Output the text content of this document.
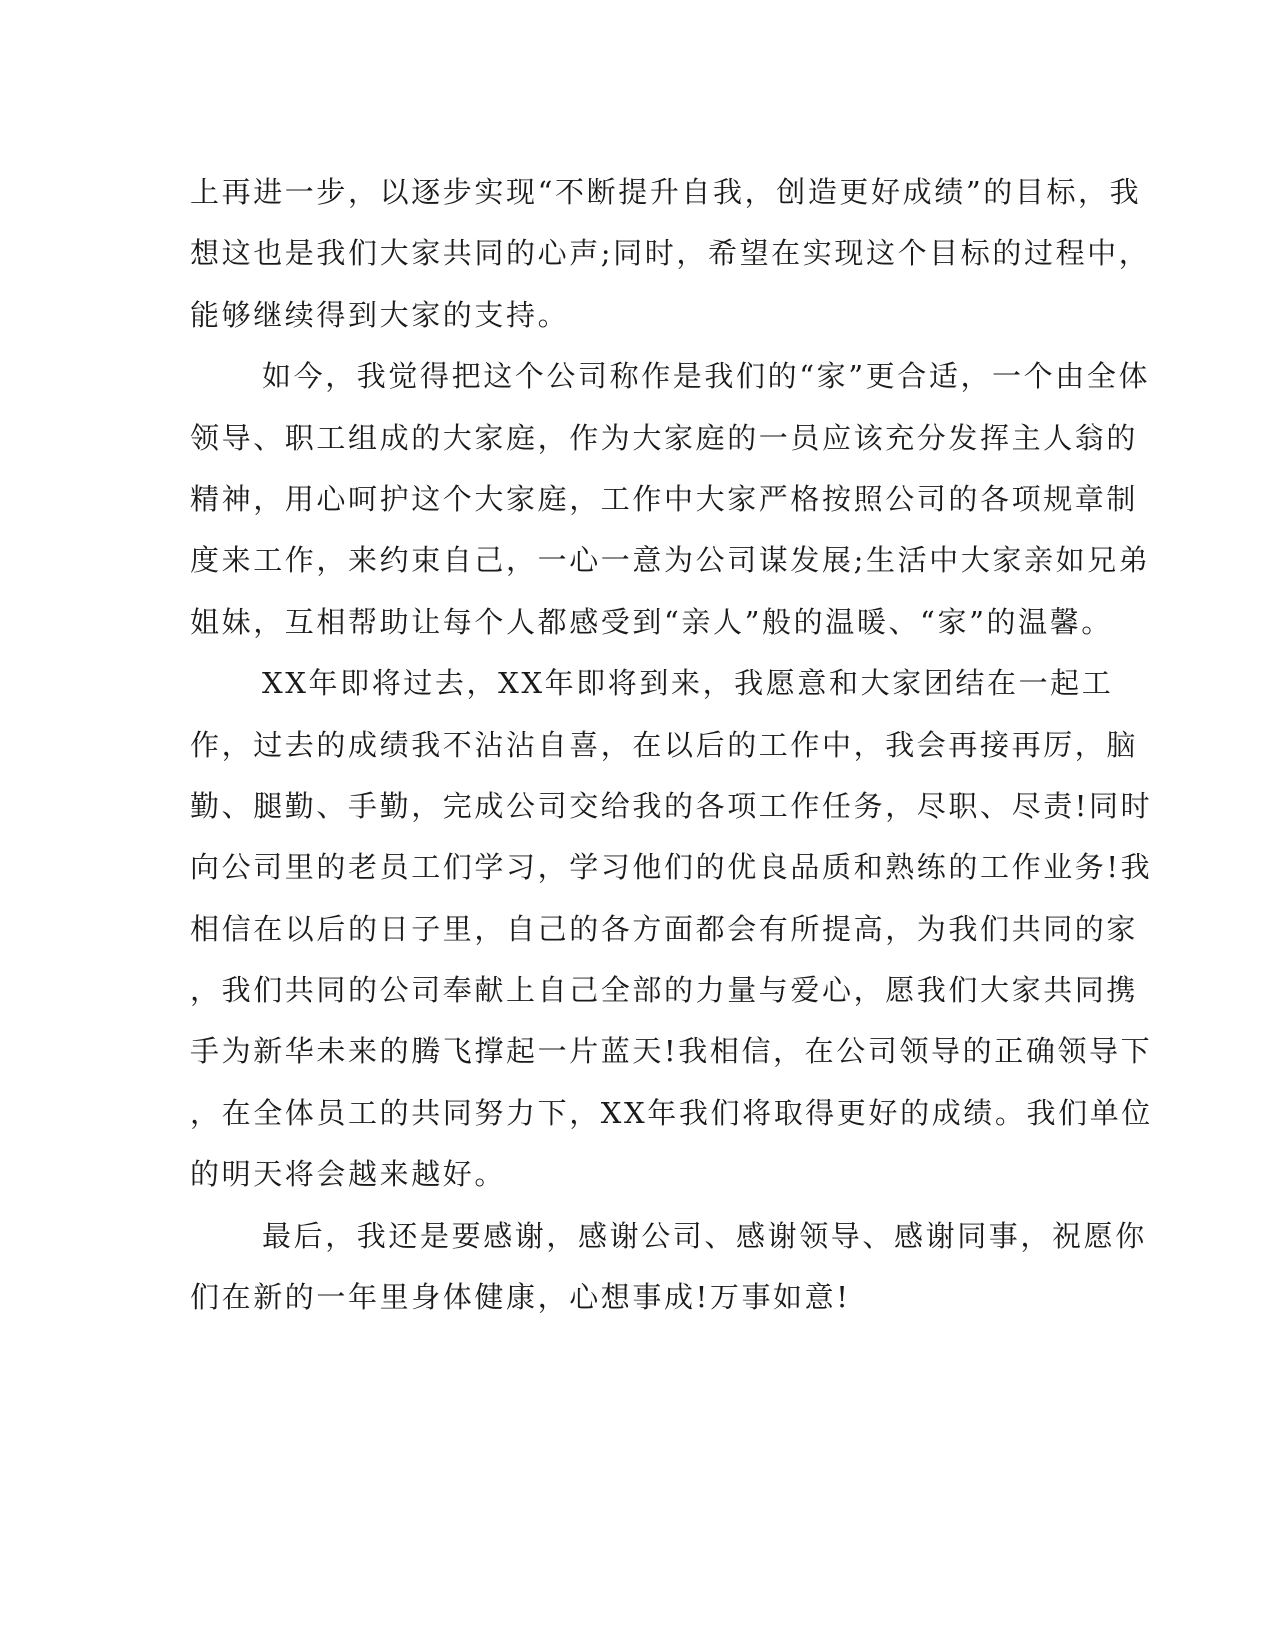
上再进一步，以逐步实现“不断提升自我，创造更好成绩”的目标，我
想这也是我们大家共同的心声;同时，希望在实现这个目标的过程中，
能够继续得到大家的支持。
如今，我觉得把这个公司称作是我们的“家”更合适，一个由全体
领导、职工组成的大家庭，作为大家庭的一员应该充分发挥主人翁的
精神，用心呵护这个大家庭，工作中大家严格按照公司的各项规章制
度来工作，来约束自己，一心一意为公司谋发展;生活中大家亲如兄弟
姐妹，互相帮助让每个人都感受到“亲人”般的温暖、“家”的温馨。
XX年即将过去，XX年即将到来，我愿意和大家团结在一起工
作，过去的成绩我不沾沾自喜，在以后的工作中，我会再接再厉，脑
勤、腿勤、手勤，完成公司交给我的各项工作任务，尽职、尽责!同时
向公司里的老员工们学习，学习他们的优良品质和熟练的工作业务!我
相信在以后的日子里，自己的各方面都会有所提高，为我们共同的家
，我们共同的公司奉献上自己全部的力量与爱心，愿我们大家共同携
手为新华未来的腾飞撑起一片蓝天!我相信，在公司领导的正确领导下
，在全体员工的共同努力下，XX年我们将取得更好的成绩。我们单位
的明天将会越来越好。
最后，我还是要感谢，感谢公司、感谢领导、感谢同事，祝愿你
们在新的一年里身体健康，心想事成!万事如意!
